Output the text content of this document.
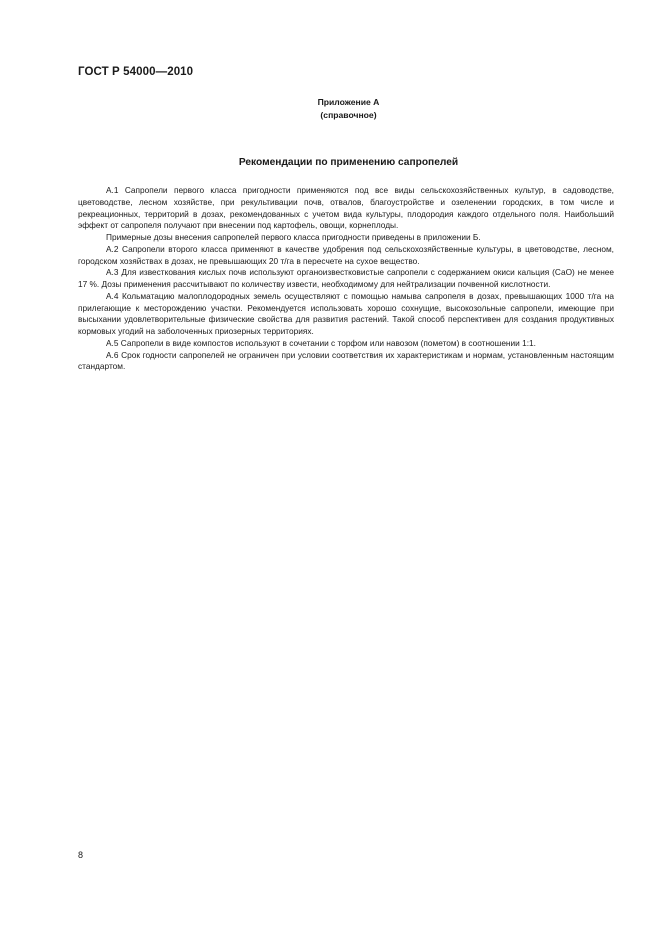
ГОСТ Р 54000—2010
Приложение А
(справочное)
Рекомендации по применению сапропелей

А.1 Сапропели первого класса пригодности применяются под все виды сельскохозяйственных культур, в садоводстве, цветоводстве, лесном хозяйстве, при рекультивации почв, отвалов, благоустройстве и озеленении городских, в том числе и рекреационных, территорий в дозах, рекомендованных с учетом вида культуры, плодородия каждого отдельного поля. Наибольший эффект от сапропеля получают при внесении под картофель, овощи, корнеплоды.

Примерные дозы внесения сапропелей первого класса пригодности приведены в приложении Б.

А.2 Сапропели второго класса применяют в качестве удобрения под сельскохозяйственные культуры, в цветоводстве, лесном, городском хозяйствах в дозах, не превышающих 20 т/га в пересчете на сухое вещество.

А.3 Для известкования кислых почв используют органоизвестковистые сапропели с содержанием окиси кальция (СаО) не менее 17 %. Дозы применения рассчитывают по количеству извести, необходимому для нейтрализации почвенной кислотности.

А.4 Кольматацию малоплодородных земель осуществляют с помощью намыва сапропеля в дозах, превышающих 1000 т/га на прилегающие к месторождению участки. Рекомендуется использовать хорошо сохнущие, высокозольные сапропели, имеющие при высыхании удовлетворительные физические свойства для развития растений. Такой способ перспективен для создания продуктивных кормовых угодий на заболоченных приозерных территориях.

А.5 Сапропели в виде компостов используют в сочетании с торфом или навозом (пометом) в соотношении 1:1.

А.6 Срок годности сапропелей не ограничен при условии соответствия их характеристикам и нормам, установленным настоящим стандартом.

8
